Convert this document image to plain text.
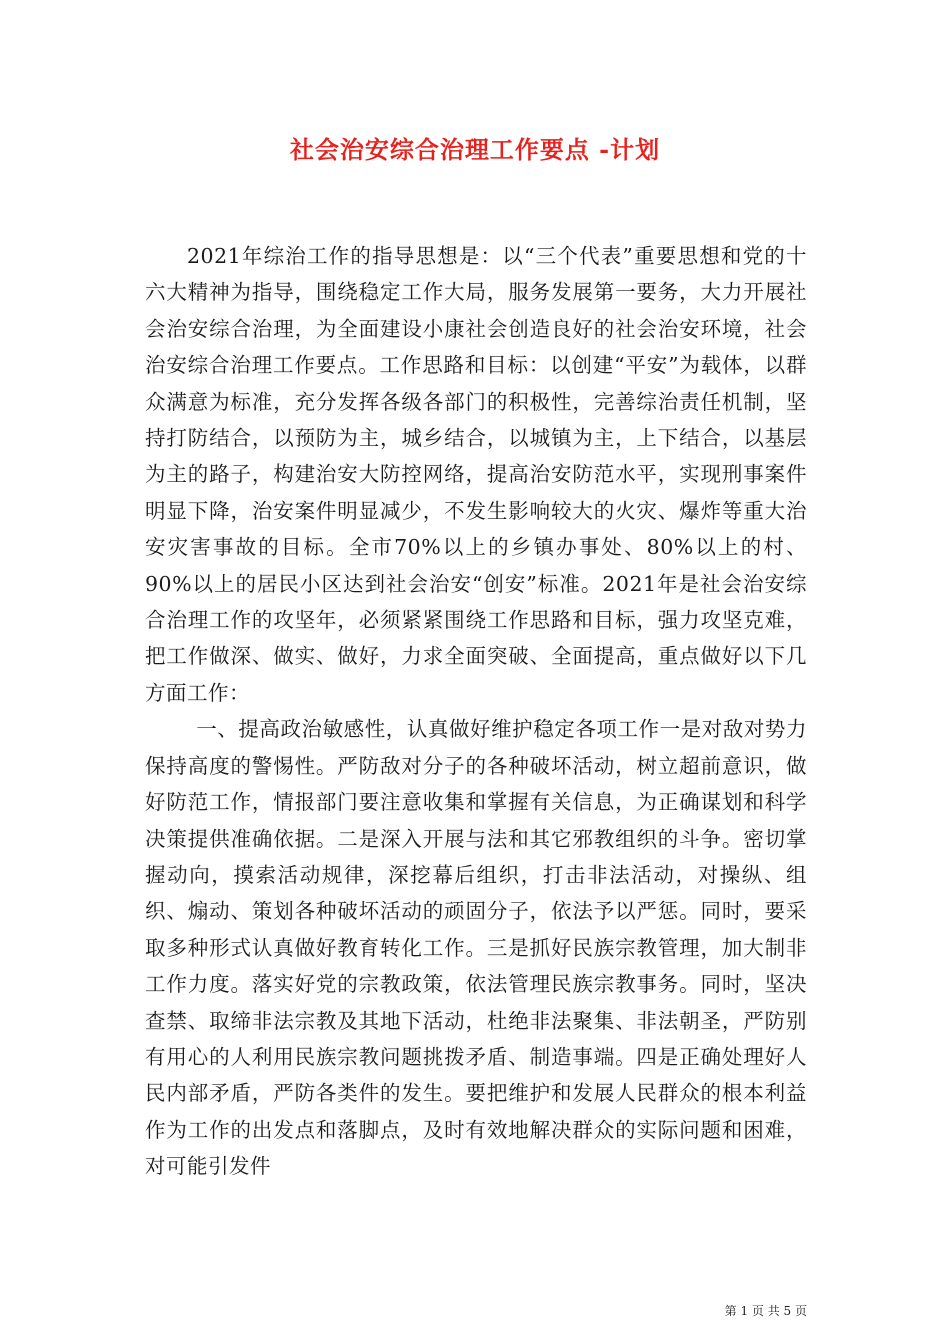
社会治安综合治理工作要点 -计划

2021年综治工作的指导思想是：以“三个代表”重要思想和党的十六大精神为指导，围绕稳定工作大局，服务发展第一要务，大力开展社会治安综合治理，为全面建设小康社会创造良好的社会治安环境，社会治安综合治理工作要点。工作思路和目标：以创建“平安”为载体，以群众满意为标准，充分发挥各级各部门的积极性，完善综治责任机制，坚持打防结合，以预防为主，城乡结合，以城镇为主，上下结合，以基层为主的路子，构建治安大防控网络，提高治安防范水平，实现刑事案件明显下降，治安案件明显减少，不发生影响较大的火灾、爆炸等重大治安灾害事故的目标。全市70%以上的乡镇办事处、80%以上的村、90%以上的居民小区达到社会治安“创安”标准。2021年是社会治安综合治理工作的攻坚年，必须紧紧围绕工作思路和目标，强力攻坚克难，把工作做深、做实、做好，力求全面突破、全面提高，重点做好以下几方面工作：

一、提高政治敏感性，认真做好维护稳定各项工作一是对敌对势力保持高度的警惕性。严防敌对分子的各种破坏活动，树立超前意识，做好防范工作，情报部门要注意收集和掌握有关信息，为正确谋划和科学决策提供准确依据。二是深入开展与法和其它邪教组织的斗争。密切掌握动向，摸索活动规律，深挖幕后组织，打击非法活动，对操纵、组织、煽动、策划各种破坏活动的顽固分子，依法予以严惩。同时，要采取多种形式认真做好教育转化工作。三是抓好民族宗教管理，加大制非工作力度。落实好党的宗教政策，依法管理民族宗教事务。同时，坚决查禁、取缔非法宗教及其地下活动，杜绝非法聚集、非法朝圣，严防别有用心的人利用民族宗教问题挑拨矛盾、制造事端。四是正确处理好人民内部矛盾，严防各类件的发生。要把维护和发展人民群众的根本利益作为工作的出发点和落脚点，及时有效地解决群众的实际问题和困难，对可能引发件

第 1 页 共 5 页
